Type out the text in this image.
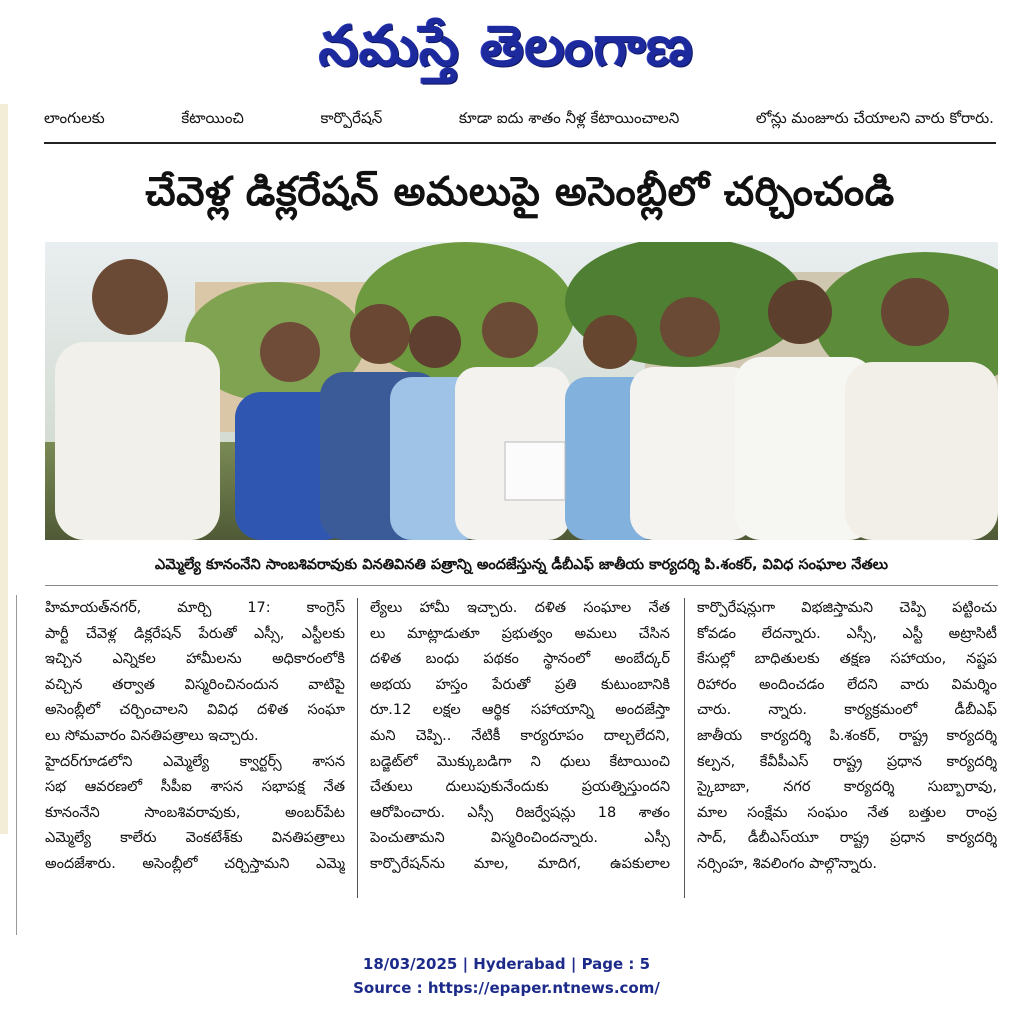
నమస్తే తెలంగాణ
లాంగులకు	కేటాయించి	కార్పొరేషన్	కూడా ఐదు శాతం నీళ్ల కేటాయించాలని	లోన్లు మంజూరు చేయాలని వారు కోరారు.
చేవెళ్ల డిక్లరేషన్ అమలుపై అసెంబ్లీలో చర్చించండి
ఎమ్మెల్యే కూనంనేని సాంబశివరావుకు వినతివినతి పత్రాన్ని అందజేస్తున్న డీబీఎఫ్ జాతీయ కార్యదర్శి పి.శంకర్, వివిధ సంఘాల నేతలు

హిమాయత్‌నగర్, మార్చి 17: కాంగ్రెస్

పార్టీ చేవెళ్ల డిక్లరేషన్ పేరుతో ఎస్సీ, ఎస్టీలకు

ఇచ్చిన ఎన్నికల హామీలను అధికారంలోకి

వచ్చిన తర్వాత విస్మరించినందున వాటిపై

అసెంబ్లీలో చర్చించాలని వివిధ దళిత సంఘా

లు సోమవారం వినతిపత్రాలు ఇచ్చారు.

హైదర్‌గూడలోని ఎమ్మెల్యే క్వార్టర్స్ శాసన

సభ ఆవరణలో సీపీఐ శాసన సభాపక్ష నేత

కూనంనేని సాంబశివరావుకు, అంబర్‌పేట

ఎమ్మెల్యే కాలేరు వెంకటేశ్‌కు వినతిపత్రాలు

అందజేశారు. అసెంబ్లీలో చర్చిస్తామని ఎమ్మె

ల్యేలు హామీ ఇచ్చారు. దళిత సంఘాల నేత

లు మాట్లాడుతూ ప్రభుత్వం అమలు చేసిన

దళిత బంధు పథకం స్థానంలో అంబేద్కర్

అభయ హస్తం పేరుతో ప్రతి కుటుంబానికి

రూ.12 లక్షల ఆర్థిక సహాయాన్ని అందజేస్తా

మని చెప్పి.. నేటికీ కార్యరూపం దాల్చలేదని,

బడ్జెట్‌లో మొక్కుబడిగా ని ధులు కేటాయించి

చేతులు దులుపుకునేందుకు ప్రయత్నిస్తుందని

ఆరోపించారు. ఎస్సీ రిజర్వేషన్లు 18 శాతం

పెంచుతామని విస్మరించిందన్నారు. ఎస్సీ

కార్పొరేషన్‌ను మాల, మాదిగ, ఉపకులాల

కార్పొరేషన్లుగా విభజిస్తామని చెప్పి పట్టించు

కోవడం లేదన్నారు. ఎస్సీ, ఎస్టీ అట్రాసిటీ

కేసుల్లో బాధితులకు తక్షణ సహాయం, నష్టప

రిహారం అందించడం లేదని వారు విమర్శిం

చారు. న్నారు. కార్యక్రమంలో డీబీఎఫ్

జాతీయ కార్యదర్శి పి.శంకర్, రాష్ట్ర కార్యదర్శి

కల్పన, కేవీపీఎస్ రాష్ట్ర ప్రధాన కార్యదర్శి

స్కైబాబా, నగర కార్యదర్శి సుబ్బారావు,

మాల సంక్షేమ సంఘం నేత బత్తుల రాంప్ర

సాద్, డీబీఎస్‌యూ రాష్ట్ర ప్రధాన కార్యదర్శి

నర్సింహ, శివలింగం పాల్గొన్నారు.

18/03/2025 | Hyderabad | Page : 5
Source : https://epaper.ntnews.com/
